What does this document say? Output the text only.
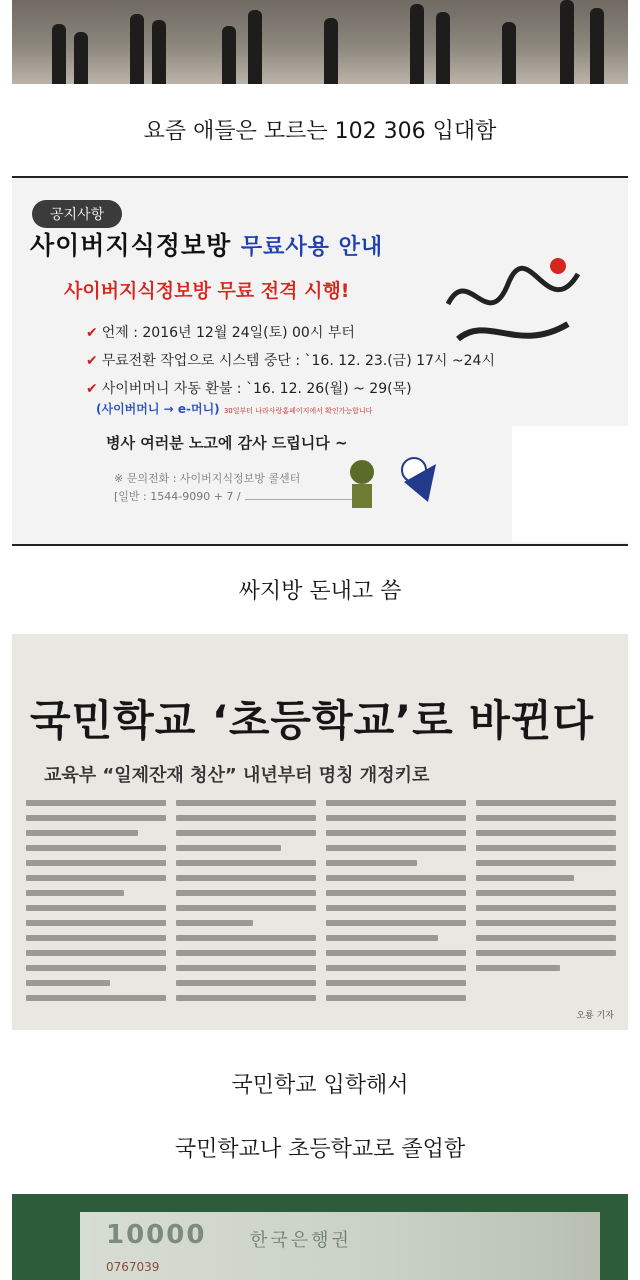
요즘 애들은 모르는 102 306 입대함
공지사항
사이버지식정보방 무료사용 안내
사이버지식정보방 무료 전격 시행!
✔ 언제 : 2016년 12월 24일(토) 00시 부터
✔ 무료전환 작업으로 시스템 중단 : `16. 12. 23.(금) 17시 ~24시
✔ 사이버머니 자동 환불 : `16. 12. 26(월) ~ 29(목)
(사이버머니 → e-머니) 30일부터 나라사랑홈페이지에서 확인가능합니다
병사 여러분 노고에 감사 드립니다 ~
※ 문의전화 : 사이버지식정보방 콜센터
[일반 : 1544-9090 + 7 /
싸지방 돈내고 씀
국민학교 ‘초등학교’로 바뀐다
교육부 “일제잔재 청산” 내년부터 명칭 개정키로
오룡 기자
국민학교 입학해서
국민학교나 초등학교로 졸업함
10000 한국은행권
0767039
